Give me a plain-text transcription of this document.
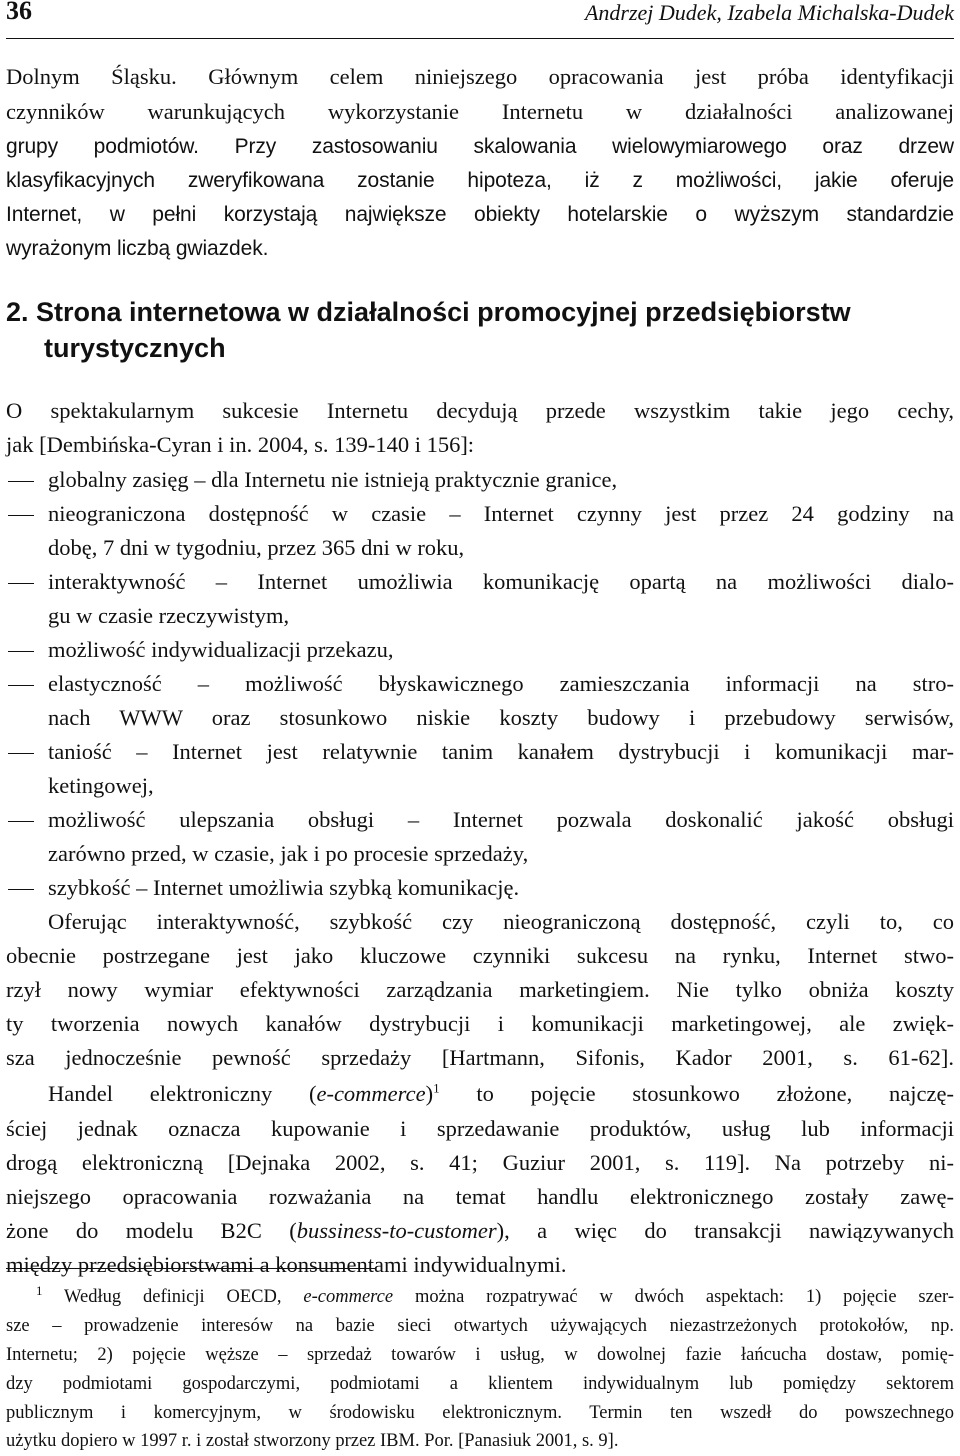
36	Andrzej Dudek, Izabela Michalska-Dudek
Dolnym Śląsku. Głównym celem niniejszego opracowania jest próba identyfikacji
czynników warunkujących wykorzystanie Internetu w działalności analizowanej
grupy podmiotów. Przy zastosowaniu skalowania wielowymiarowego oraz drzew
klasyfikacyjnych zweryfikowana zostanie hipoteza, iż z możliwości, jakie oferuje
Internet, w pełni korzystają największe obiekty hotelarskie o wyższym standardzie
wyrażonym liczbą gwiazdek.
2. Strona internetowa w działalności promocyjnej przedsiębiorstw
turystycznych
O spektakularnym sukcesie Internetu decydują przede wszystkim takie jego cechy,
jak [Dembińska-Cyran i in. 2004, s. 139-140 i 156]:
globalny zasięg – dla Internetu nie istnieją praktycznie granice,
nieograniczona dostępność w czasie – Internet czynny jest przez 24 godziny na
dobę, 7 dni w tygodniu, przez 365 dni w roku,
interaktywność – Internet umożliwia komunikację opartą na możliwości dialo-
gu w czasie rzeczywistym,
możliwość indywidualizacji przekazu,
elastyczność – możliwość błyskawicznego zamieszczania informacji na stro-
nach WWW oraz stosunkowo niskie koszty budowy i przebudowy serwisów,
taniość – Internet jest relatywnie tanim kanałem dystrybucji i komunikacji mar-
ketingowej,
możliwość ulepszania obsługi – Internet pozwala doskonalić jakość obsługi
zarówno przed, w czasie, jak i po procesie sprzedaży,
szybkość – Internet umożliwia szybką komunikację.
Oferując interaktywność, szybkość czy nieograniczoną dostępność, czyli to, co
obecnie postrzegane jest jako kluczowe czynniki sukcesu na rynku, Internet stwo-
rzył nowy wymiar efektywności zarządzania marketingiem. Nie tylko obniża koszty
ty tworzenia nowych kanałów dystrybucji i komunikacji marketingowej, ale zwięk-
sza jednocześnie pewność sprzedaży [Hartmann, Sifonis, Kador 2001, s. 61-62].
Handel elektroniczny (e-commerce)$^1$ to pojęcie stosunkowo złożone, najczę-
ściej jednak oznacza kupowanie i sprzedawanie produktów, usług lub informacji
drogą elektroniczną [Dejnaka 2002, s. 41; Guziur 2001, s. 119]. Na potrzeby ni-
niejszego opracowania rozważania na temat handlu elektronicznego zostały zawę-
żone do modelu B2C (bussiness-to-customer), a więc do transakcji nawiązywanych
między przedsiębiorstwami a konsumentami indywidualnymi.
$^1$ Według definicji OECD, e-commerce można rozpatrywać w dwóch aspektach: 1) pojęcie szer-
sze – prowadzenie interesów na bazie sieci otwartych używających niezastrzeżonych protokołów, np.
Internetu; 2) pojęcie węższe – sprzedaż towarów i usług, w dowolnej fazie łańcucha dostaw, pomię-
dzy podmiotami gospodarczymi, podmiotami a klientem indywidualnym lub pomiędzy sektorem
publicznym i komercyjnym, w środowisku elektronicznym. Termin ten wszedł do powszechnego
użytku dopiero w 1997 r. i został stworzony przez IBM. Por. [Panasiuk 2001, s. 9].
